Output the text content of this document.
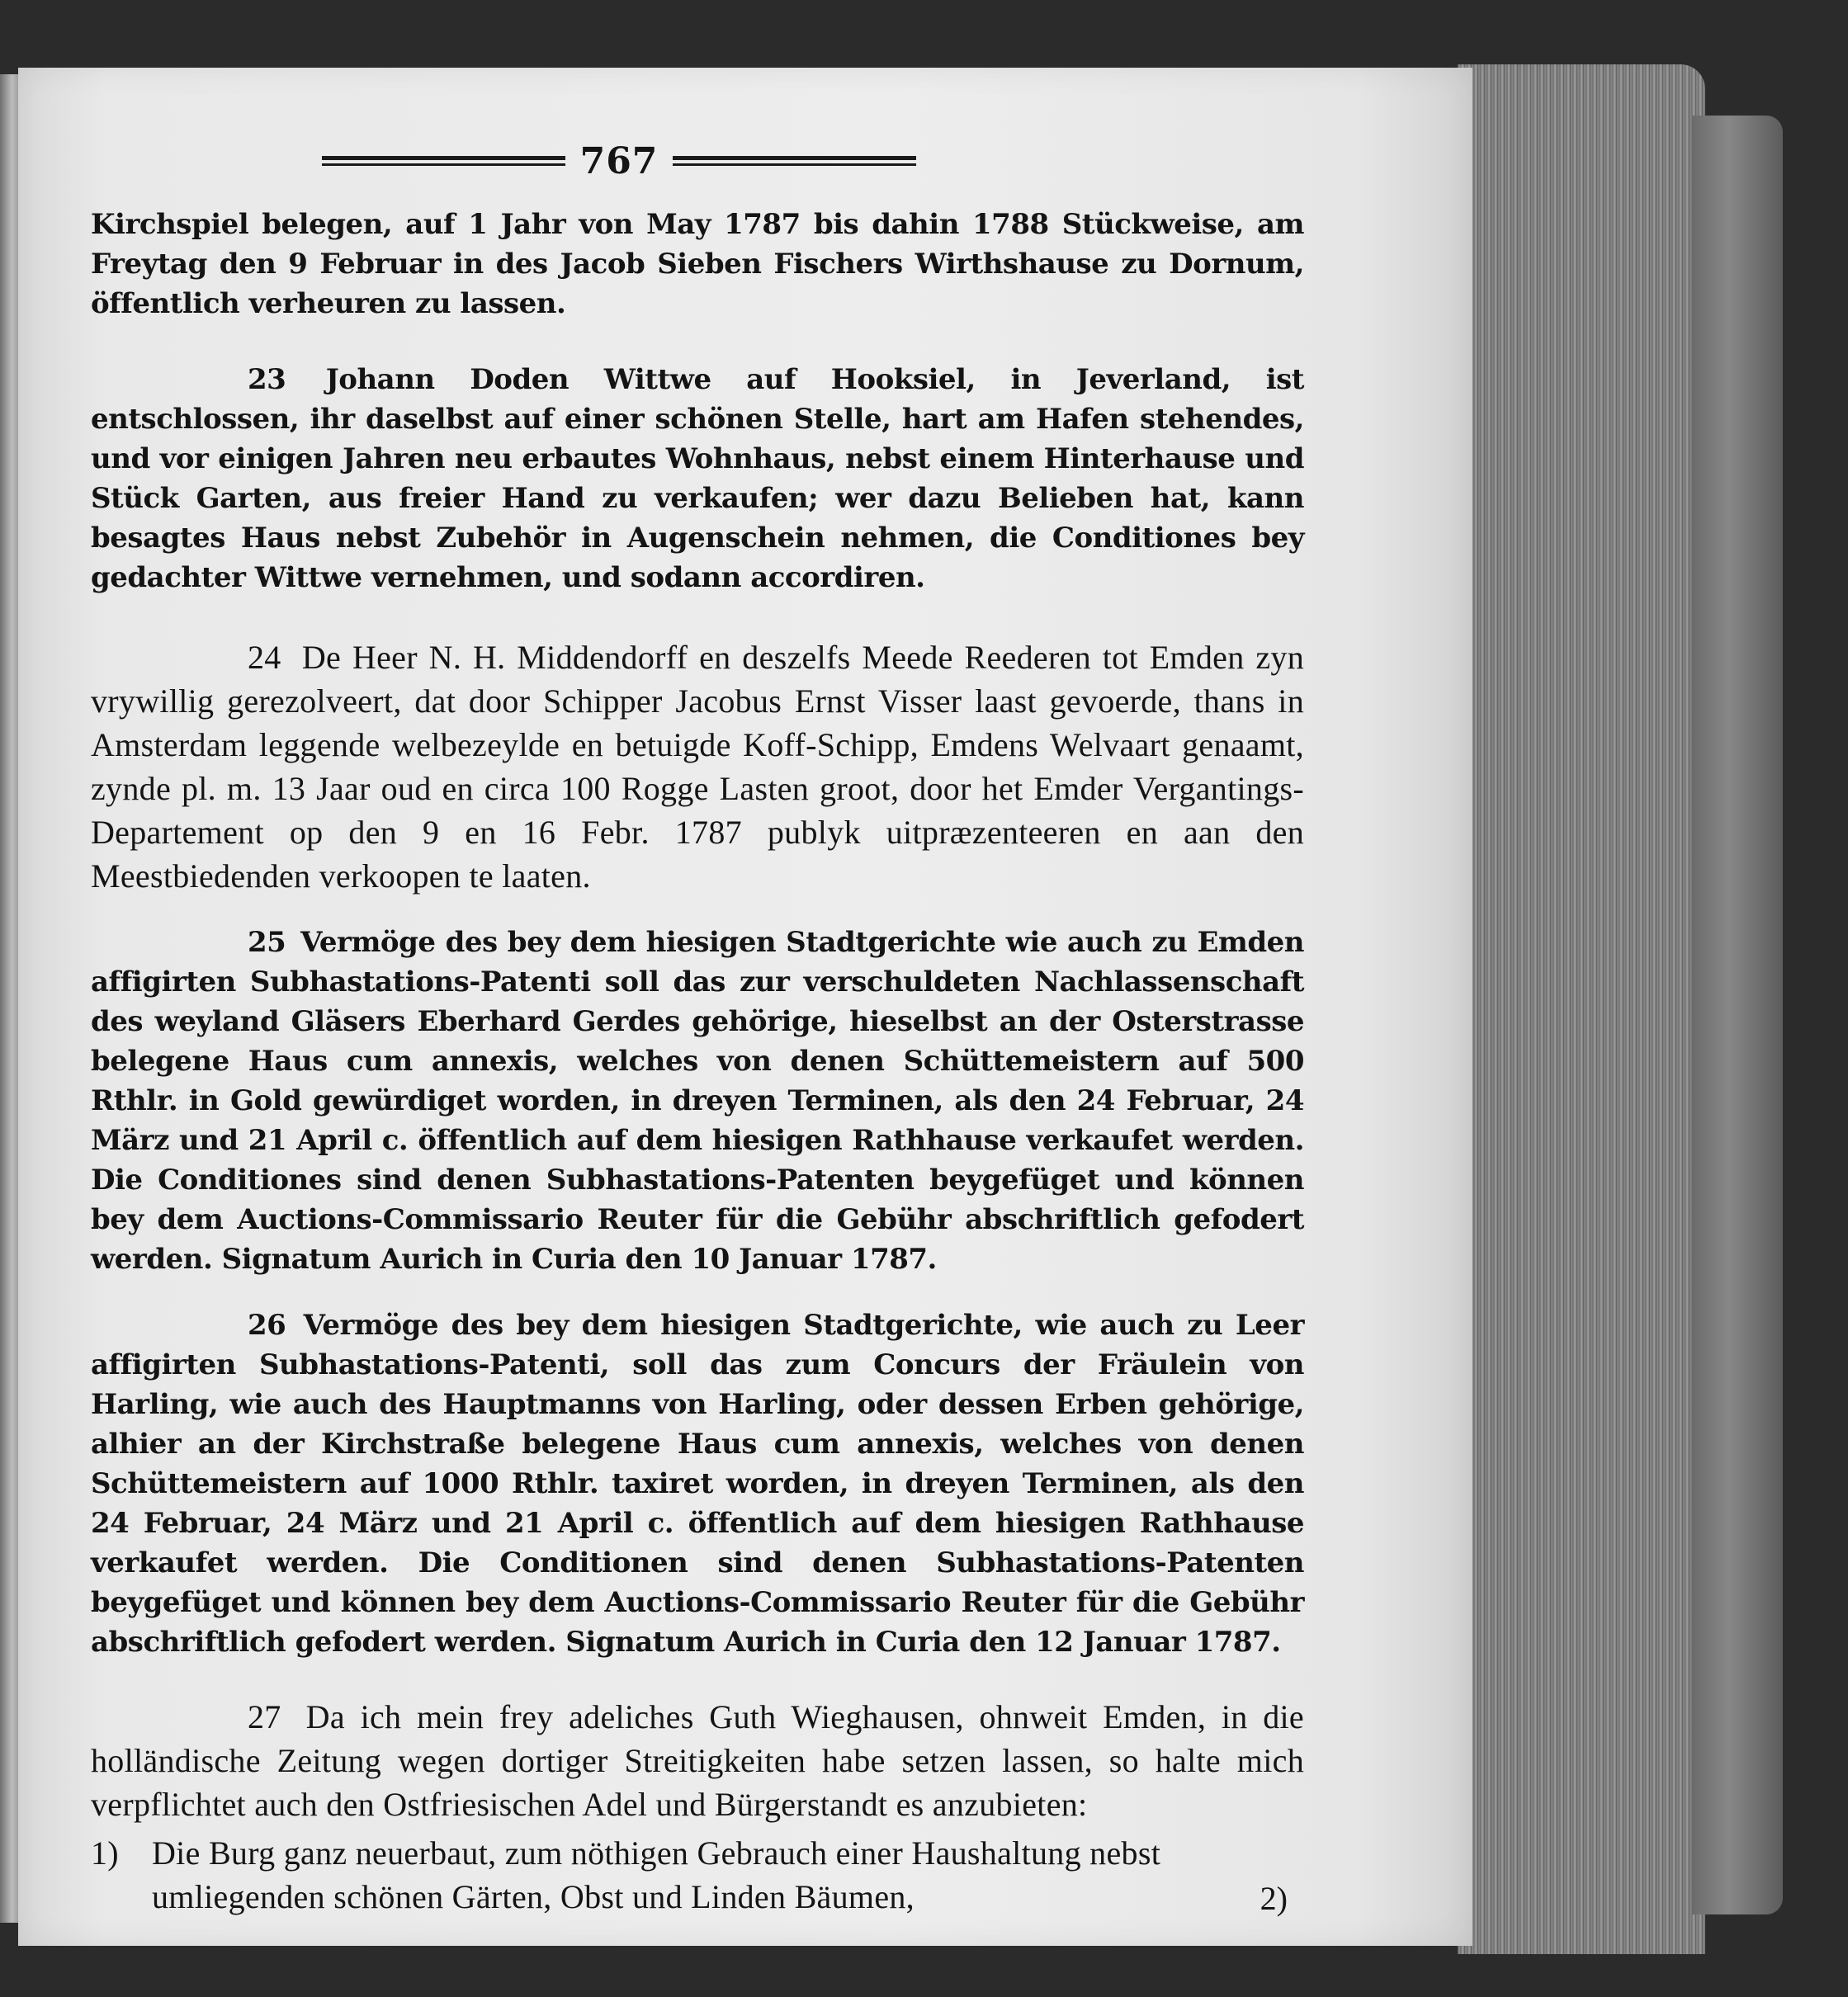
767

Kirchspiel belegen, auf 1 Jahr von May 1787 bis dahin 1788 Stückweise, am Freytag den 9 Februar in des Jacob Sieben Fischers Wirthshause zu Dornum, öffentlich verheuren zu lassen.

23 Johann Doden Wittwe auf Hooksiel, in Jeverland, ist entschlossen, ihr daselbst auf einer schönen Stelle, hart am Hafen stehendes, und vor einigen Jahren neu erbautes Wohnhaus, nebst einem Hinterhause und Stück Garten, aus freier Hand zu verkaufen; wer dazu Belieben hat, kann besagtes Haus nebst Zubehör in Augenschein nehmen, die Conditiones bey gedachter Wittwe vernehmen, und sodann accordiren.

24 De Heer N. H. Middendorff en deszelfs Meede Reederen tot Emden zyn vrywillig gerezolveert, dat door Schipper Jacobus Ernst Visser laast gevoerde, thans in Amsterdam leggende welbezeylde en betuigde Koff-Schipp, Emdens Welvaart genaamt, zynde pl. m. 13 Jaar oud en circa 100 Rogge Lasten groot, door het Emder Vergantings-Departement op den 9 en 16 Febr. 1787 publyk uitpræzenteeren en aan den Meestbiedenden verkoopen te laaten.

25 Vermöge des bey dem hiesigen Stadtgerichte wie auch zu Emden affigirten Subhastations-Patenti soll das zur verschuldeten Nachlassenschaft des weyland Gläsers Eberhard Gerdes gehörige, hieselbst an der Osterstrasse belegene Haus cum annexis, welches von denen Schüttemeistern auf 500 Rthlr. in Gold gewürdiget worden, in dreyen Terminen, als den 24 Februar, 24 März und 21 April c. öffentlich auf dem hiesigen Rathhause verkaufet werden. Die Conditiones sind denen Subhastations-Patenten beygefüget und können bey dem Auctions-Commissario Reuter für die Gebühr abschriftlich gefodert werden. Signatum Aurich in Curia den 10 Januar 1787.

26 Vermöge des bey dem hiesigen Stadtgerichte, wie auch zu Leer affigirten Subhastations-Patenti, soll das zum Concurs der Fräulein von Harling, wie auch des Hauptmanns von Harling, oder dessen Erben gehörige, alhier an der Kirchstraße belegene Haus cum annexis, welches von denen Schüttemeistern auf 1000 Rthlr. taxiret worden, in dreyen Terminen, als den 24 Februar, 24 März und 21 April c. öffentlich auf dem hiesigen Rathhause verkaufet werden. Die Conditionen sind denen Subhastations-Patenten beygefüget und können bey dem Auctions-Commissario Reuter für die Gebühr abschriftlich gefodert werden. Signatum Aurich in Curia den 12 Januar 1787.

27 Da ich mein frey adeliches Guth Wieghausen, ohnweit Emden, in die holländische Zeitung wegen dortiger Streitigkeiten habe setzen lassen, so halte mich verpflichtet auch den Ostfriesischen Adel und Bürgerstandt es anzubieten:

1)	Die Burg ganz neuerbaut, zum nöthigen Gebrauch einer Haushaltung nebst umliegenden schönen Gärten, Obst und Linden Bäumen,	2)
